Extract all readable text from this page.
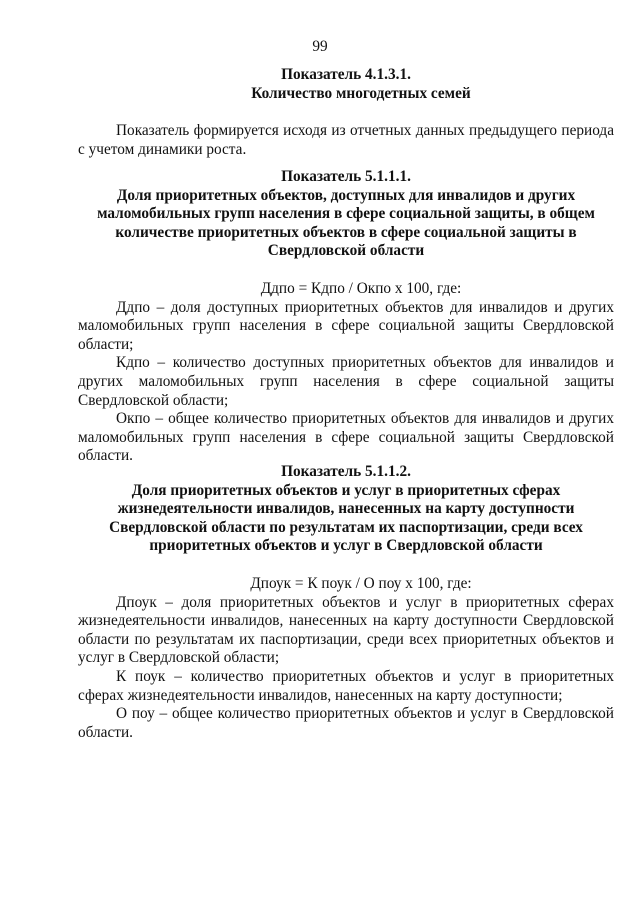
99
Показатель 4.1.3.1.
Количество многодетных семей
Показатель формируется исходя из отчетных данных предыдущего периода с учетом динамики роста.
Показатель 5.1.1.1.
Доля приоритетных объектов, доступных для инвалидов и других маломобильных групп населения в сфере социальной защиты, в общем количестве приоритетных объектов в сфере социальной защиты в Свердловской области
Ддпо = Кдпо / Окпо x 100, где:
Ддпо – доля доступных приоритетных объектов для инвалидов и других маломобильных групп населения в сфере социальной защиты Свердловской области;
Кдпо – количество доступных приоритетных объектов для инвалидов и других маломобильных групп населения в сфере социальной защиты Свердловской области;
Окпо – общее количество приоритетных объектов для инвалидов и других маломобильных групп населения в сфере социальной защиты Свердловской области.
Показатель 5.1.1.2.
Доля приоритетных объектов и услуг в приоритетных сферах жизнедеятельности инвалидов, нанесенных на карту доступности Свердловской области по результатам их паспортизации, среди всех приоритетных объектов и услуг в Свердловской области
Дпоук = К поук / О поу x 100, где:
Дпоук – доля приоритетных объектов и услуг в приоритетных сферах жизнедеятельности инвалидов, нанесенных на карту доступности Свердловской области по результатам их паспортизации, среди всех приоритетных объектов и услуг в Свердловской области;
К поук – количество приоритетных объектов и услуг в приоритетных сферах жизнедеятельности инвалидов, нанесенных на карту доступности;
О поу – общее количество приоритетных объектов и услуг в Свердловской области.
